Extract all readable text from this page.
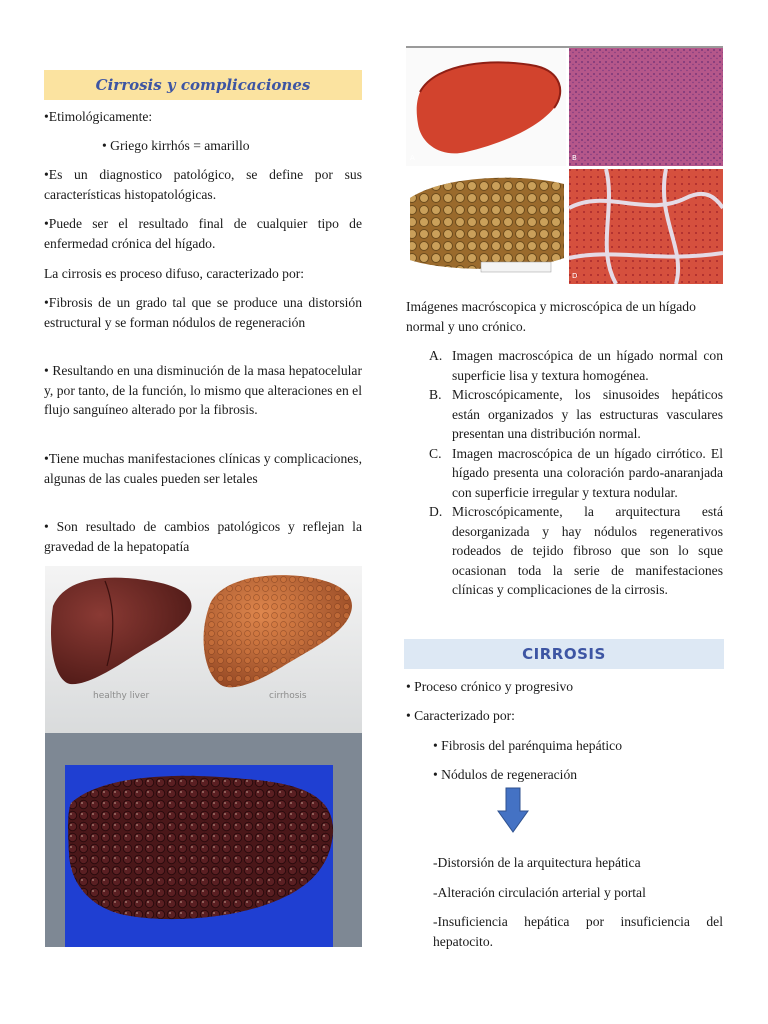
Cirrosis y complicaciones

•Etimológicamente:

• Griego kirrhós = amarillo

•Es un diagnostico patológico, se define por sus características histopatológicas.

•Puede ser el resultado final de cualquier tipo de enfermedad crónica del hígado.

La cirrosis es proceso difuso, caracterizado por:

•Fibrosis de un grado tal que se produce una distorsión estructural y se forman nódulos de regeneración

• Resultando en una disminución de la masa hepatocelular y, por tanto, de la función, lo mismo que alteraciones en el flujo sanguíneo alterado por la fibrosis.

•Tiene muchas manifestaciones clínicas y complicaciones, algunas de las cuales pueden ser letales

• Son resultado de cambios patológicos y reflejan la gravedad de la hepatopatía

healthy liver	cirrhosis
A	B
C	D

Imágenes macróscopica y microscópica de un hígado normal y uno crónico.

A. Imagen macroscópica de un hígado normal con superficie lisa y textura homogénea.
B. Microscópicamente, los sinusoides hepáticos están organizados y las estructuras vasculares presentan una distribución normal.
C. Imagen macroscópica de un hígado cirrótico. El hígado presenta una coloración pardo-anaranjada con superficie irregular y textura nodular.
D. Microscópicamente, la arquitectura está desorganizada y hay nódulos regenerativos rodeados de tejido fibroso que son lo sque ocasionan toda la serie de manifestaciones clínicas y complicaciones de la cirrosis.
CIRROSIS

• Proceso crónico y progresivo

• Caracterizado por:

• Fibrosis del parénquima hepático

• Nódulos de regeneración

-Distorsión de la arquitectura hepática

-Alteración circulación arterial y portal

-Insuficiencia hepática por insuficiencia del hepatocito.
